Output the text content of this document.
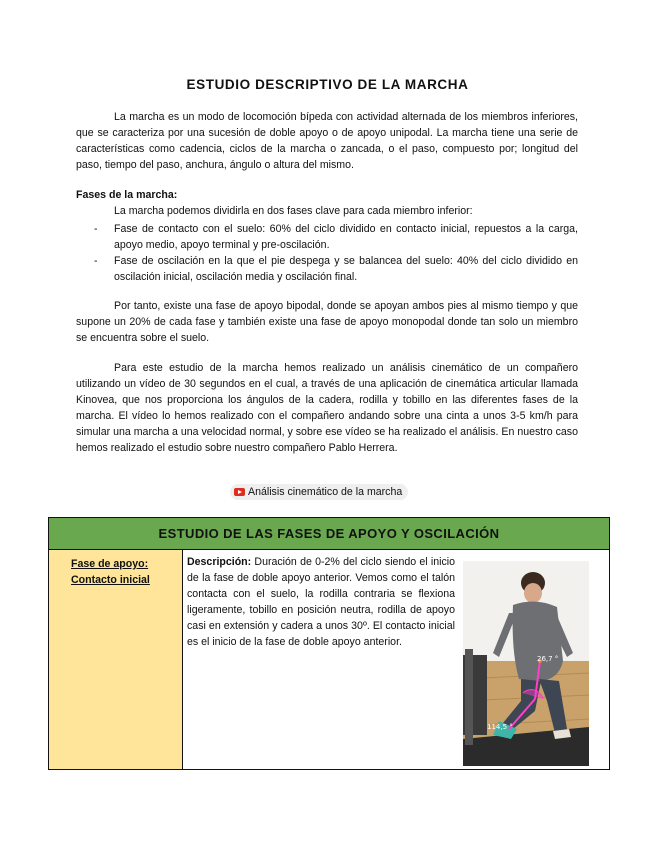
ESTUDIO DESCRIPTIVO DE LA MARCHA

La marcha es un modo de locomoción bípeda con actividad alternada de los miembros inferiores, que se caracteriza por una sucesión de doble apoyo o de apoyo unipodal. La marcha tiene una serie de características como cadencia, ciclos de la marcha o zancada, o el paso, compuesto por; longitud del paso, tiempo del paso, anchura, ángulo o altura del mismo.

Fases de la marcha:
La marcha podemos dividirla en dos fases clave para cada miembro inferior:
- Fase de contacto con el suelo: 60% del ciclo dividido en contacto inicial, repuestos a la carga, apoyo medio, apoyo terminal y pre-oscilación.
- Fase de oscilación en la que el pie despega y se balancea del suelo: 40% del ciclo dividido en oscilación inicial, oscilación media y oscilación final.

Por tanto, existe una fase de apoyo bipodal, donde se apoyan ambos pies al mismo tiempo y que supone un 20% de cada fase y también existe una fase de apoyo monopodal donde tan solo un miembro se encuentra sobre el suelo.

Para este estudio de la marcha hemos realizado un análisis cinemático de un compañero utilizando un vídeo de 30 segundos en el cual, a través de una aplicación de cinemática articular llamada Kinovea, que nos proporciona los ángulos de la cadera, rodilla y tobillo en las diferentes fases de la marcha. El vídeo lo hemos realizado con el compañero andando sobre una cinta a unos 3-5 km/h para simular una marcha a una velocidad normal, y sobre ese vídeo se ha realizado el análisis. En nuestro caso hemos realizado el estudio sobre nuestro compañero Pablo Herrera.

Análisis cinemático de la marcha
ESTUDIO DE LAS FASES DE APOYO Y OSCILACIÓN
Fase de apoyo:
Contacto inicial

Descripción: Duración de 0-2% del ciclo siendo el inicio de la fase de doble apoyo anterior. Vemos como el talón contacta con el suelo, la rodilla contraria se flexiona ligeramente, tobillo en posición neutra, rodilla de apoyo casi en extensión y cadera a unos 30º. El contacto inicial es el inicio de la fase de doble apoyo anterior.

26,7 °
114,5 °
